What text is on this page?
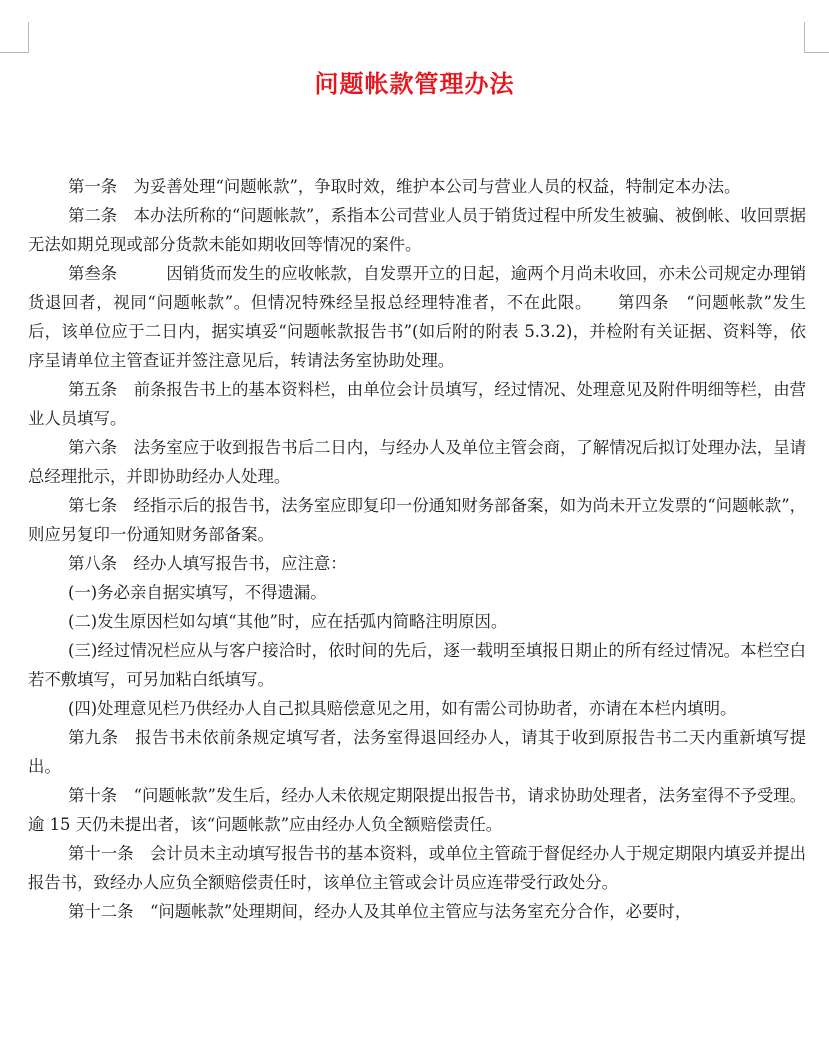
问题帐款管理办法

第一条　为妥善处理“问题帐款”，争取时效，维护本公司与营业人员的权益，特制定本办法。

第二条　本办法所称的“问题帐款”，系指本公司营业人员于销货过程中所发生被骗、被倒帐、收回票据无法如期兑现或部分货款未能如期收回等情况的案件。

第叁条　　　因销货而发生的应收帐款，自发票开立的日起，逾两个月尚未收回，亦未公司规定办理销货退回者，视同“问题帐款”。但情况特殊经呈报总经理特准者，不在此限。　　第四条　“问题帐款”发生后，该单位应于二日内，据实填妥“问题帐款报告书”(如后附的附表 5.3.2)，并检附有关证据、资料等，依序呈请单位主管查证并签注意见后，转请法务室协助处理。

第五条　前条报告书上的基本资料栏，由单位会计员填写，经过情况、处理意见及附件明细等栏，由营业人员填写。

第六条　法务室应于收到报告书后二日内，与经办人及单位主管会商，了解情况后拟订处理办法，呈请总经理批示，并即协助经办人处理。

第七条　经指示后的报告书，法务室应即复印一份通知财务部备案，如为尚未开立发票的“问题帐款”，则应另复印一份通知财务部备案。

第八条　经办人填写报告书，应注意：

(一)务必亲自据实填写，不得遗漏。

(二)发生原因栏如勾填“其他”时，应在括弧内简略注明原因。

(三)经过情况栏应从与客户接洽时，依时间的先后，逐一载明至填报日期止的所有经过情况。本栏空白若不敷填写，可另加粘白纸填写。

(四)处理意见栏乃供经办人自己拟具赔偿意见之用，如有需公司协助者，亦请在本栏内填明。

第九条　报告书未依前条规定填写者，法务室得退回经办人，请其于收到原报告书二天内重新填写提出。

第十条　“问题帐款”发生后，经办人未依规定期限提出报告书，请求协助处理者，法务室得不予受理。逾 15 天仍未提出者，该“问题帐款”应由经办人负全额赔偿责任。

第十一条　会计员未主动填写报告书的基本资料，或单位主管疏于督促经办人于规定期限内填妥并提出报告书，致经办人应负全额赔偿责任时，该单位主管或会计员应连带受行政处分。

第十二条　“问题帐款”处理期间，经办人及其单位主管应与法务室充分合作，必要时，
